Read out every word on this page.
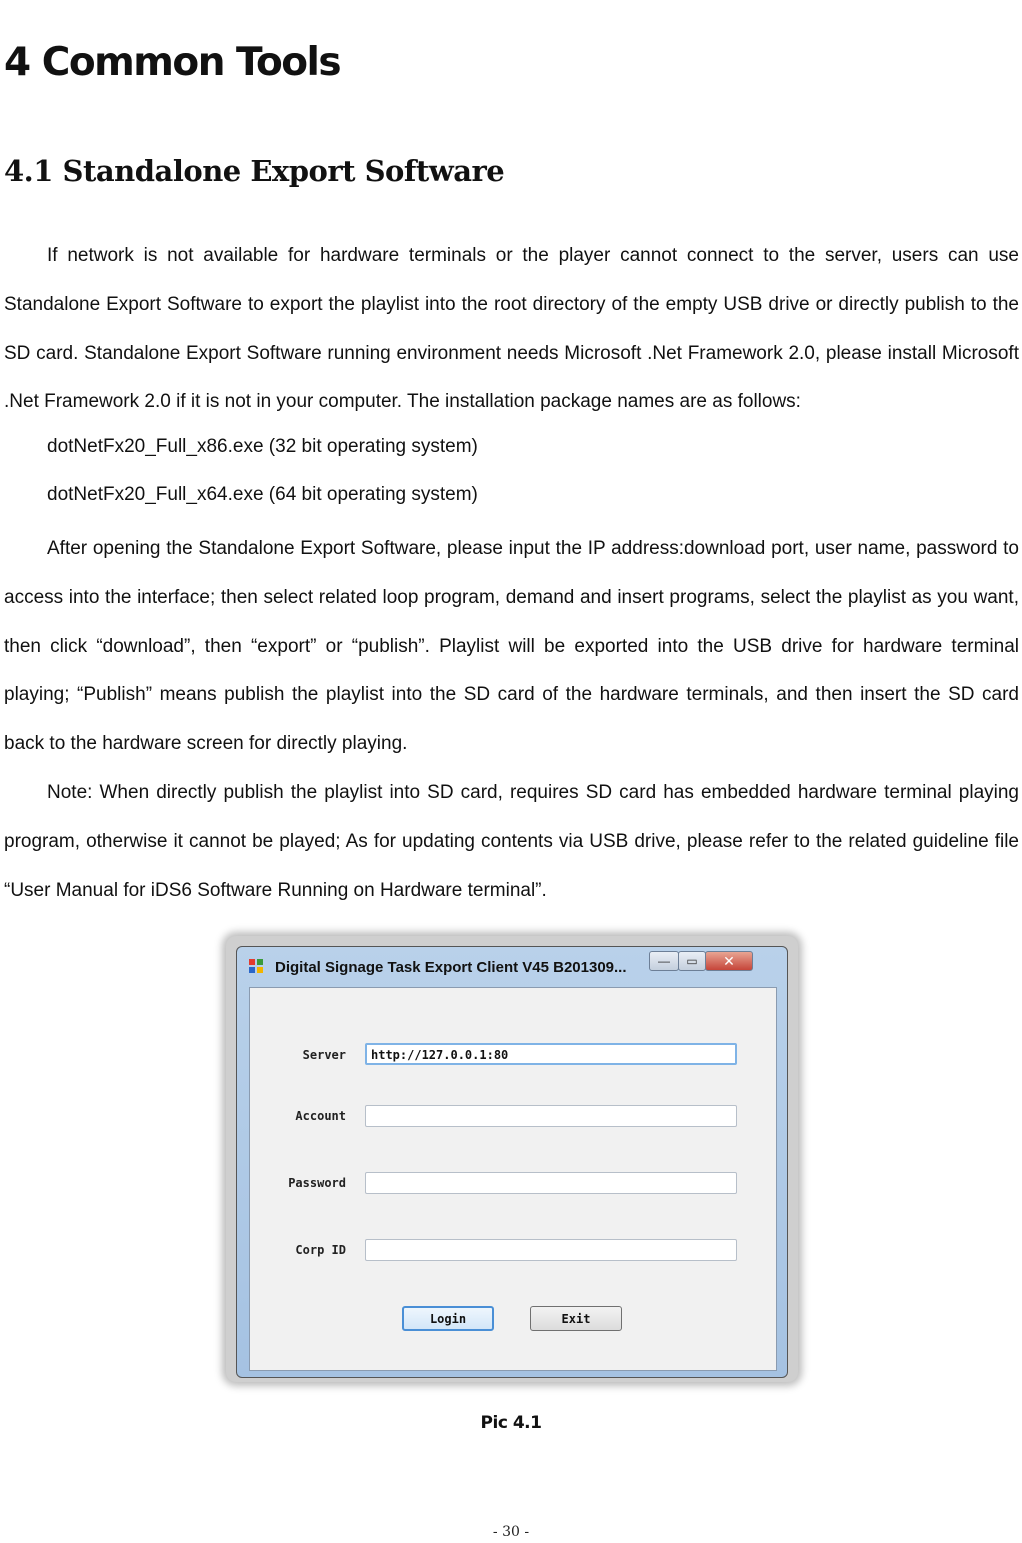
4 Common Tools
4.1 Standalone Export Software

If network is not available for hardware terminals or the player cannot connect to the server, users can use Standalone Export Software to export the playlist into the root directory of the empty USB drive or directly publish to the SD card. Standalone Export Software running environment needs Microsoft .Net Framework 2.0, please install Microsoft .Net Framework 2.0 if it is not in your computer. The installation package names are as follows:

dotNetFx20_Full_x86.exe (32 bit operating system)

dotNetFx20_Full_x64.exe (64 bit operating system)

After opening the Standalone Export Software, please input the IP address:download port, user name, password to access into the interface; then select related loop program, demand and insert programs, select the playlist as you want, then click “download”, then “export” or “publish”. Playlist will be exported into the USB drive for hardware terminal playing; “Publish” means publish the playlist into the SD card of the hardware terminals, and then insert the SD card back to the hardware screen for directly playing.

Note: When directly publish the playlist into SD card, requires SD card has embedded hardware terminal playing program, otherwise it cannot be played; As for updating contents via USB drive, please refer to the related guideline file “User Manual for iDS6 Software Running on Hardware terminal”.

Digital Signage Task Export Client V45 B201309...	— ▭ ✕
Server	http://127.0.0.1:80
Account
Password
Corp ID
Login	Exit
Pic 4.1
- 30 -
